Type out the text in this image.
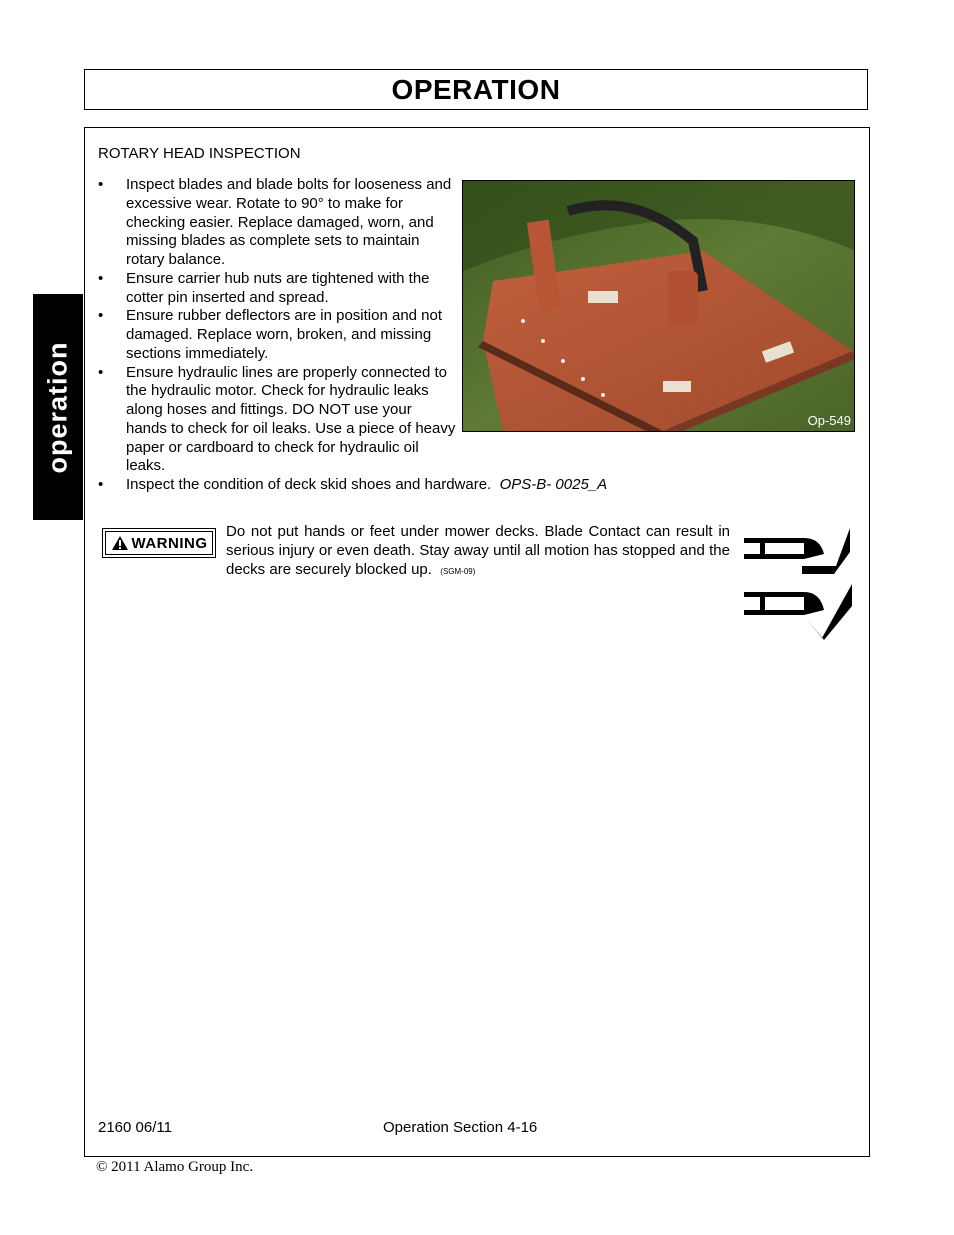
OPERATION
operation
ROTARY HEAD INSPECTION
• Inspect blades and blade bolts for looseness and excessive wear. Rotate to 90° to make for checking easier. Replace damaged, worn, and missing blades as complete sets to maintain rotary balance.
• Ensure carrier hub nuts are tightened with the cotter pin inserted and spread.
• Ensure rubber deflectors are in position and not damaged. Replace worn, broken, and missing sections immediately.
• Ensure hydraulic lines are properly connected to the hydraulic motor. Check for hydraulic leaks along hoses and fittings. DO NOT use your hands to check for oil leaks. Use a piece of heavy paper or cardboard to check for hydraulic oil leaks.
• Inspect the condition of deck skid shoes and hardware. OPS-B- 0025_A
Op-549
WARNING
Do not put hands or feet under mower decks. Blade Contact can result in serious injury or even death. Stay away until all motion has stopped and the decks are securely blocked up. (SGM-09)
2160 06/11	Operation Section 4-16
© 2011 Alamo Group Inc.
